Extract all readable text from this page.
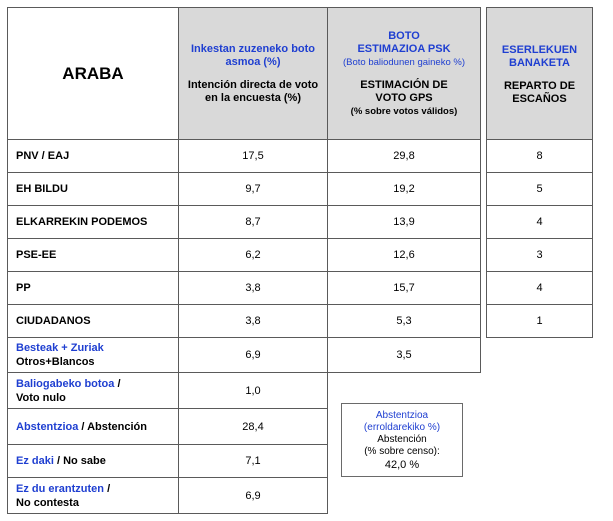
ARABA
Inkestan zuzeneko boto asmoa (%)
Intención directa de voto en la encuesta (%)
BOTO ESTIMAZIOA PSK
(Boto baliodunen gaineko %)
ESTIMACIÓN DE VOTO GPS
(% sobre votos válidos)
ESERLEKUEN BANAKETA
REPARTO DE ESCAÑOS
PNV / EAJ	17,5	29,8	8
EH BILDU	9,7	19,2	5
ELKARREKIN PODEMOS	8,7	13,9	4
PSE-EE	6,2	12,6	3
PP	3,8	15,7	4
CIUDADANOS	3,8	5,3	1
Besteak + Zuriak
Otros+Blancos
6,9	3,5
Baliogabeko botoa /
Voto nulo
1,0
Abstentzioa / Abstención	28,4
Ez daki / No sabe	7,1
Ez du erantzuten /
No contesta
6,9
Abstentzioa
(erroldarekiko %)
Abstención
(% sobre censo):
42,0 %
